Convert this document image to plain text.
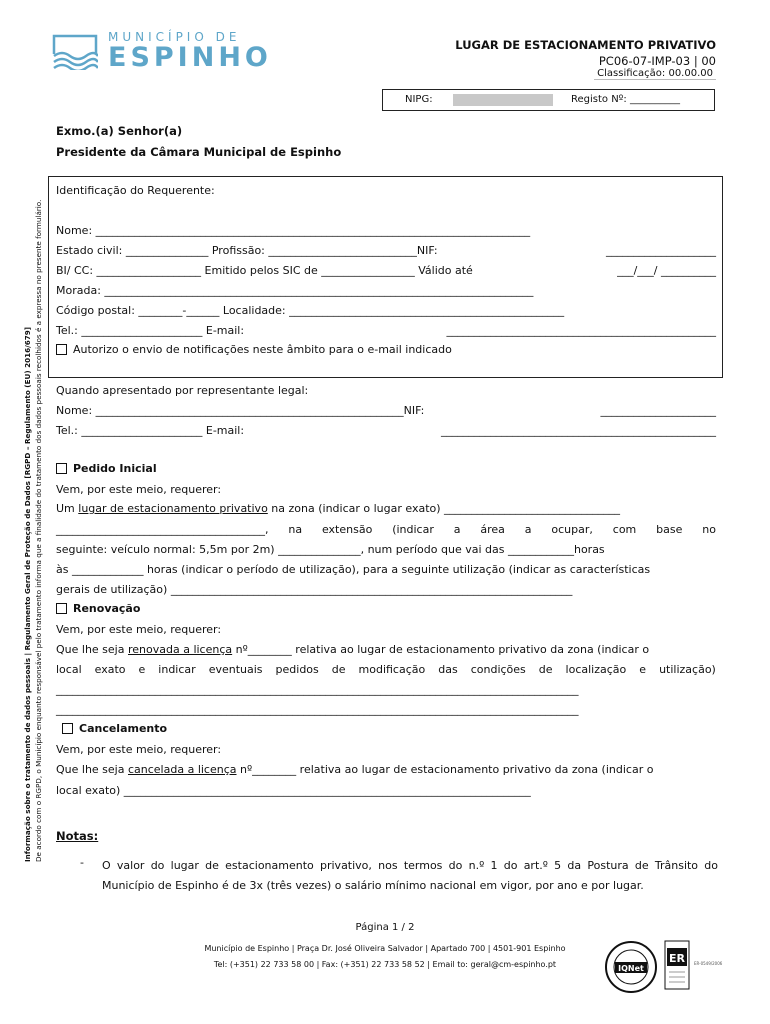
MUNICÍPIO DE
ESPINHO	LUGAR DE ESTACIONAMENTO PRIVATIVO
PC06-07-IMP-03 | 00
Classificação: 00.00.00
NIPG:	Registo Nº: __________
Exmo.(a) Senhor(a)
Presidente da Câmara Municipal de Espinho
Informação sobre o tratamento de dados pessoais | Regulamento Geral de Proteção de Dados [RGPD – Regulamento (EU) 2016/679] De acordo com o RGPD, o Município enquanto responsável pelo tratamento informa que a finalidade do tratamento dos dados pessoais recolhidos é a expressa no presente formulário.
Identificação do Requerente:
Nome: _______________________________________________________________________________
Estado civil: _______________ Profissão: ___________________________NIF:	____________________
BI/ CC: ___________________ Emitido pelos SIC de _________________ Válido até	___/___/ __________
Morada: ______________________________________________________________________________
Código postal: ________-______ Localidade: __________________________________________________
Tel.: ______________________ E-mail:	_________________________________________________
Autorizo o envio de notificações neste âmbito para o e-mail indicado
Quando apresentado por representante legal:
Nome: ________________________________________________________NIF:	_____________________
Tel.: ______________________ E-mail:	__________________________________________________
Pedido Inicial
Vem, por este meio, requerer:
Um lugar de estacionamento privativo na zona (indicar o lugar exato) ________________________________
______________________________________, na extensão (indicar a área a ocupar, com base no
seguinte: veículo normal: 5,5m por 2m) _______________, num período que vai das ____________horas
às _____________ horas (indicar o período de utilização), para a seguinte utilização (indicar as características
gerais de utilização) _________________________________________________________________________
Renovação
Vem, por este meio, requerer:
Que lhe seja renovada a licença nº________ relativa ao lugar de estacionamento privativo da zona (indicar o
local exato e indicar eventuais pedidos de modificação das condições de localização e utilização)
_______________________________________________________________________________________________
_______________________________________________________________________________________________
Cancelamento
Vem, por este meio, requerer:
Que lhe seja cancelada a licença nº________ relativa ao lugar de estacionamento privativo da zona (indicar o
local exato) __________________________________________________________________________
Notas:
- O valor do lugar de estacionamento privativo, nos termos do n.º 1 do art.º 5 da Postura de Trânsito do Município de Espinho é de 3x (três vezes) o salário mínimo nacional em vigor, por ano e por lugar.
Página 1 / 2
Município de Espinho | Praça Dr. José Oliveira Salvador | Apartado 700 | 4501-901 Espinho
Tel: (+351) 22 733 58 00 | Fax: (+351) 22 733 58 52 | Email to: geral@cm-espinho.pt	IQNet
ER ER-0549/2006
